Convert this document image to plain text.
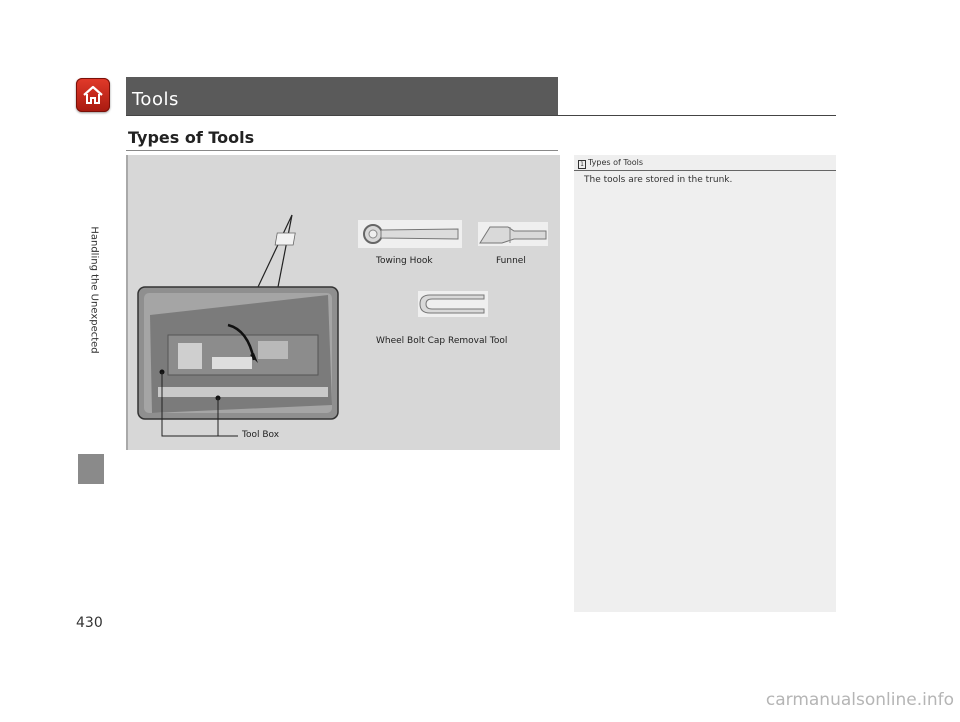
Handling the Unexpected
430
Tools
Types of Tools
Towing Hook	Funnel
Wheel Bolt Cap Removal Tool
Tool Box
1 Types of Tools
The tools are stored in the trunk.
carmanualsonline.info
